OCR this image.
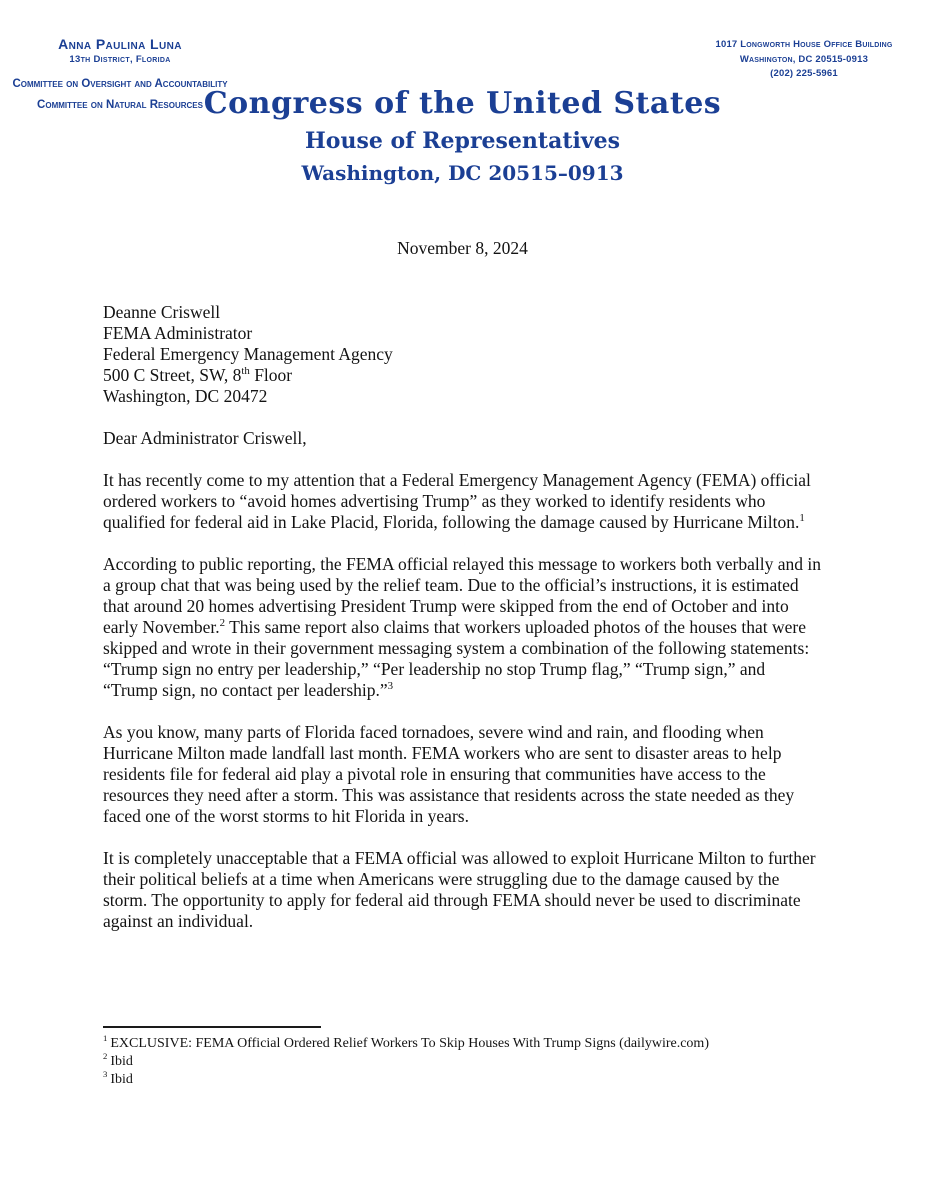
Anna Paulina Luna
13th District, Florida
Committee on Oversight and Accountability
Committee on Natural Resources
1017 Longworth House Office Building
Washington, DC 20515-0913
(202) 225-5961
Congress of the United States
House of Representatives
Washington, DC 20515–0913
November 8, 2024
Deanne Criswell
FEMA Administrator
Federal Emergency Management Agency
500 C Street, SW, 8th Floor
Washington, DC 20472

Dear Administrator Criswell,

It has recently come to my attention that a Federal Emergency Management Agency (FEMA) official ordered workers to “avoid homes advertising Trump” as they worked to identify residents who qualified for federal aid in Lake Placid, Florida, following the damage caused by Hurricane Milton.$^1$

According to public reporting, the FEMA official relayed this message to workers both verbally and in a group chat that was being used by the relief team. Due to the official’s instructions, it is estimated that around 20 homes advertising President Trump were skipped from the end of October and into early November.$^2$ This same report also claims that workers uploaded photos of the houses that were skipped and wrote in their government messaging system a combination of the following statements: “Trump sign no entry per leadership,” “Per leadership no stop Trump flag,” “Trump sign,” and “Trump sign, no contact per leadership.”$^3$

As you know, many parts of Florida faced tornadoes, severe wind and rain, and flooding when Hurricane Milton made landfall last month. FEMA workers who are sent to disaster areas to help residents file for federal aid play a pivotal role in ensuring that communities have access to the resources they need after a storm. This was assistance that residents across the state needed as they faced one of the worst storms to hit Florida in years.

It is completely unacceptable that a FEMA official was allowed to exploit Hurricane Milton to further their political beliefs at a time when Americans were struggling due to the damage caused by the storm. The opportunity to apply for federal aid through FEMA should never be used to discriminate against an individual.

$^1$ EXCLUSIVE: FEMA Official Ordered Relief Workers To Skip Houses With Trump Signs (dailywire.com)
$^2$ Ibid
$^3$ Ibid
